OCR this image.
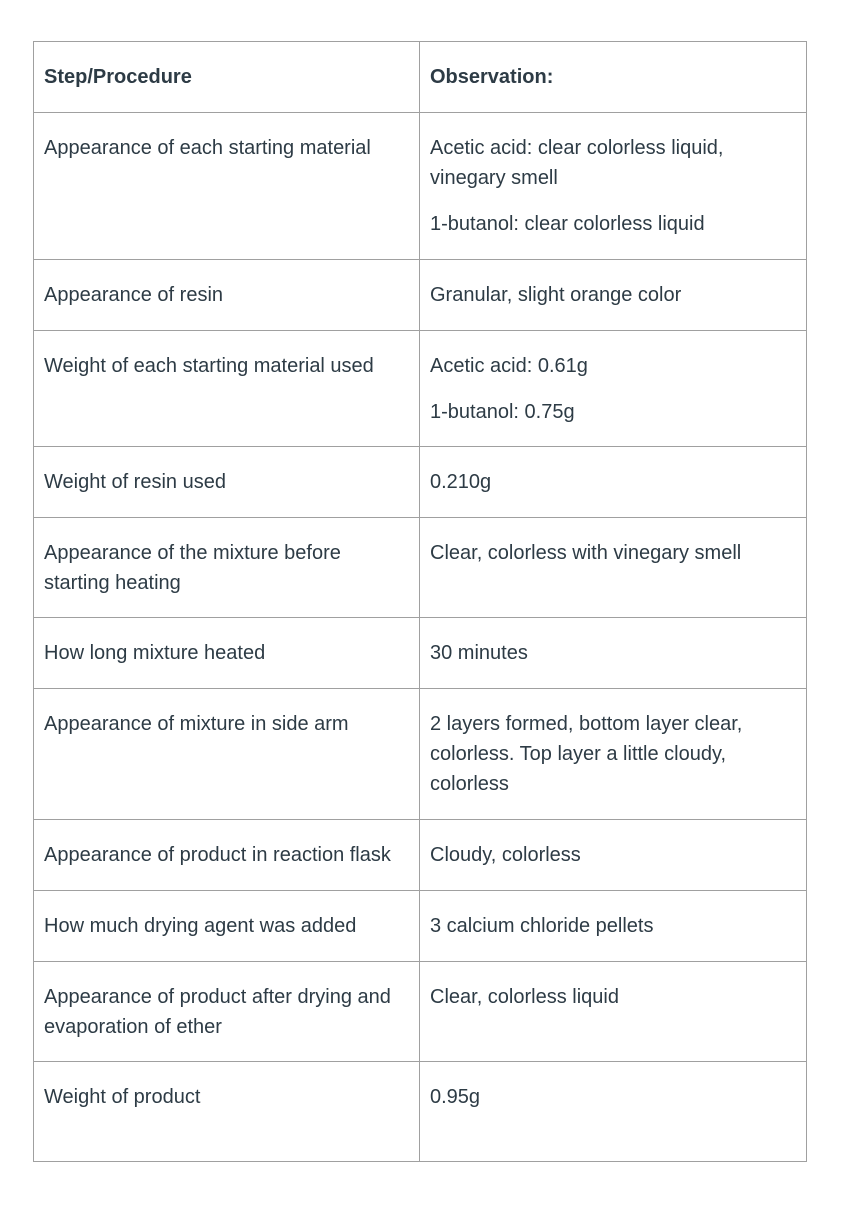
Step/Procedure	Observation:
Appearance of each starting material	Acetic acid: clear colorless liquid, vinegary smell

1-butanol: clear colorless liquid

Appearance of resin	Granular, slight orange color

Weight of each starting material used	Acetic acid: 0.61g

1-butanol: 0.75g

Weight of resin used	0.210g

Appearance of the mixture before starting heating	Clear, colorless with vinegary smell

How long mixture heated	30 minutes

Appearance of mixture in side arm	2 layers formed, bottom layer clear, colorless. Top layer a little cloudy, colorless

Appearance of product in reaction flask	Cloudy, colorless

How much drying agent was added	3 calcium chloride pellets

Appearance of product after drying and evaporation of ether	Clear, colorless liquid

Weight of product	0.95g
